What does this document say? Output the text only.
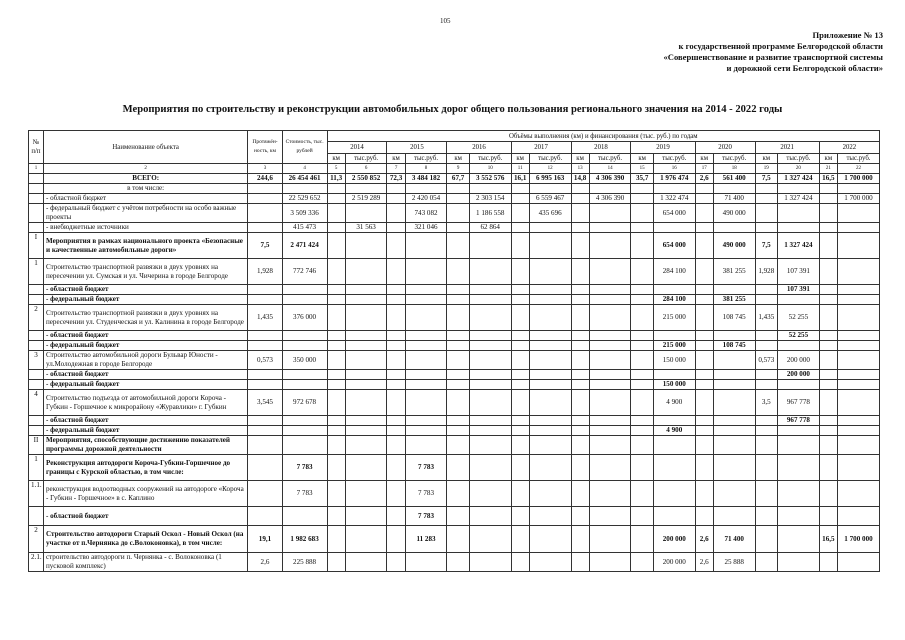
105
Приложение № 13
к государственной программе Белгородской области
«Совершенствование и развитие транспортной системы
и дорожной сети Белгородской области»
Мероприятия по строительству и реконструкции автомобильных дорог общего пользования регионального значения на 2014 - 2022 годы
№ п/п	Наименование объекта	Протяжён-ность, км	Стоимость, тыс. рублей	Объёмы выполнения (км) и финансирования (тыс. руб.) по годам																	
				2014		2015		2016		2017		2018		2019		2020		2021		2022	
				км	тыс.руб.	км	тыс.руб.	км	тыс.руб.	км	тыс.руб.	км	тыс.руб.	км	тыс.руб.	км	тыс.руб.	км	тыс.руб.	км	тыс.руб.
1	2	3	4	5	6	7	8	9	10	11	12	13	14	15	16	17	18	19	20	21	22
	ВСЕГО:	244,6	26 454 461	11,3	2 550 852	72,3	3 484 182	67,7	3 552 576	16,1	6 995 163	14,8	4 306 390	35,7	1 976 474	2,6	561 400	7,5	1 327 424	16,5	1 700 000
	в том числе:																				
	- областной бюджет		22 529 652		2 519 289		2 420 054		2 303 154		6 559 467		4 306 390		1 322 474		71 400		1 327 424		1 700 000
	- федеральный бюджет с учётом потребности на особо важные проекты		3 509 336				743 082		1 186 558		435 696				654 000		490 000				
	- внебюджетные источники		415 473		31 563		321 046		62 864												
I	Мероприятия в рамках национального проекта «Безопасные и качественные автомобильные дороги»	7,5	2 471 424												654 000		490 000	7,5	1 327 424		
1	Строительство транспортной развязки в двух уровнях на пересечении ул. Сумская и ул. Чичерина в городе Белгороде	1,928	772 746												284 100		381 255	1,928	107 391		
	- областной бюджет																		107 391		
	- федеральный бюджет														284 100		381 255				
2	Строительство транспортной развязки в двух уровнях на пересечении ул. Студенческая и ул. Калинина в городе Белгороде	1,435	376 000												215 000		108 745	1,435	52 255		
	- областной бюджет																		52 255		
	- федеральный бюджет														215 000		108 745				
3	Строительство автомобильной дороги Бульвар Юности - ул.Молодежная в городе Белгороде	0,573	350 000												150 000			0,573	200 000		
	- областной бюджет																		200 000		
	- федеральный бюджет														150 000						
4	Строительство подъезда от автомобильной дороги Короча - Губкин - Горшечное к микрорайону «Журавлики» г. Губкин	3,545	972 678												4 900			3,5	967 778		
	- областной бюджет																		967 778		
	- федеральный бюджет														4 900						
II	Мероприятия, способствующие достижению показателей программы дорожной деятельности																				
1	Реконструкция автодороги Короча-Губкин-Горшечное до границы с Курской областью, в том числе:		7 783				7 783														
1.1.	реконструкция водоотводных сооружений на автодороге «Короча - Губкин - Горшечное» в с. Каплино		7 783				7 783														
	- областной бюджет						7 783														
2	Строительство автодороги Старый Оскол - Новый Оскол (на участке от п.Чернянка до с.Волоконовка), в том числе:	19,1	1 982 683				11 283								200 000	2,6	71 400			16,5	1 700 000
2.1.	строительство автодороги п. Чернянка - с. Волоконовка (1 пусковой комплекс)	2,6	225 888												200 000	2,6	25 888				
